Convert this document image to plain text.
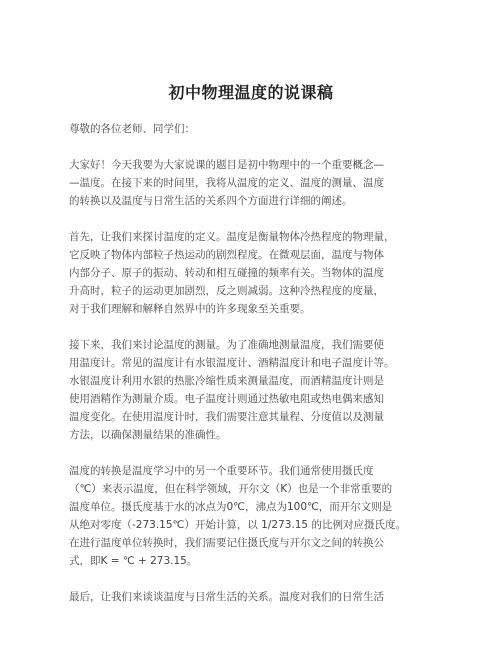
初中物理温度的说课稿
尊敬的各位老师、同学们：
大家好！今天我要为大家说课的题目是初中物理中的一个重要概念—
—温度。在接下来的时间里，我将从温度的定义、温度的测量、温度
的转换以及温度与日常生活的关系四个方面进行详细的阐述。
首先，让我们来探讨温度的定义。温度是衡量物体冷热程度的物理量，
它反映了物体内部粒子热运动的剧烈程度。在微观层面，温度与物体
内部分子、原子的振动、转动和相互碰撞的频率有关。当物体的温度
升高时，粒子的运动更加剧烈，反之则减弱。这种冷热程度的度量，
对于我们理解和解释自然界中的许多现象至关重要。
接下来，我们来讨论温度的测量。为了准确地测量温度，我们需要使
用温度计。常见的温度计有水银温度计、酒精温度计和电子温度计等。
水银温度计利用水银的热胀冷缩性质来测量温度，而酒精温度计则是
使用酒精作为测量介质。电子温度计则通过热敏电阻或热电偶来感知
温度变化。在使用温度计时，我们需要注意其量程、分度值以及测量
方法，以确保测量结果的准确性。
温度的转换是温度学习中的另一个重要环节。我们通常使用摄氏度
（℃）来表示温度，但在科学领域，开尔文（K）也是一个非常重要的
温度单位。摄氏度基于水的冰点为0℃，沸点为100℃，而开尔文则是
从绝对零度（-273.15℃）开始计算，以 1/273.15 的比例对应摄氏度。
在进行温度单位转换时，我们需要记住摄氏度与开尔文之间的转换公
式，即K = ℃ + 273.15。
最后，让我们来谈谈温度与日常生活的关系。温度对我们的日常生活
